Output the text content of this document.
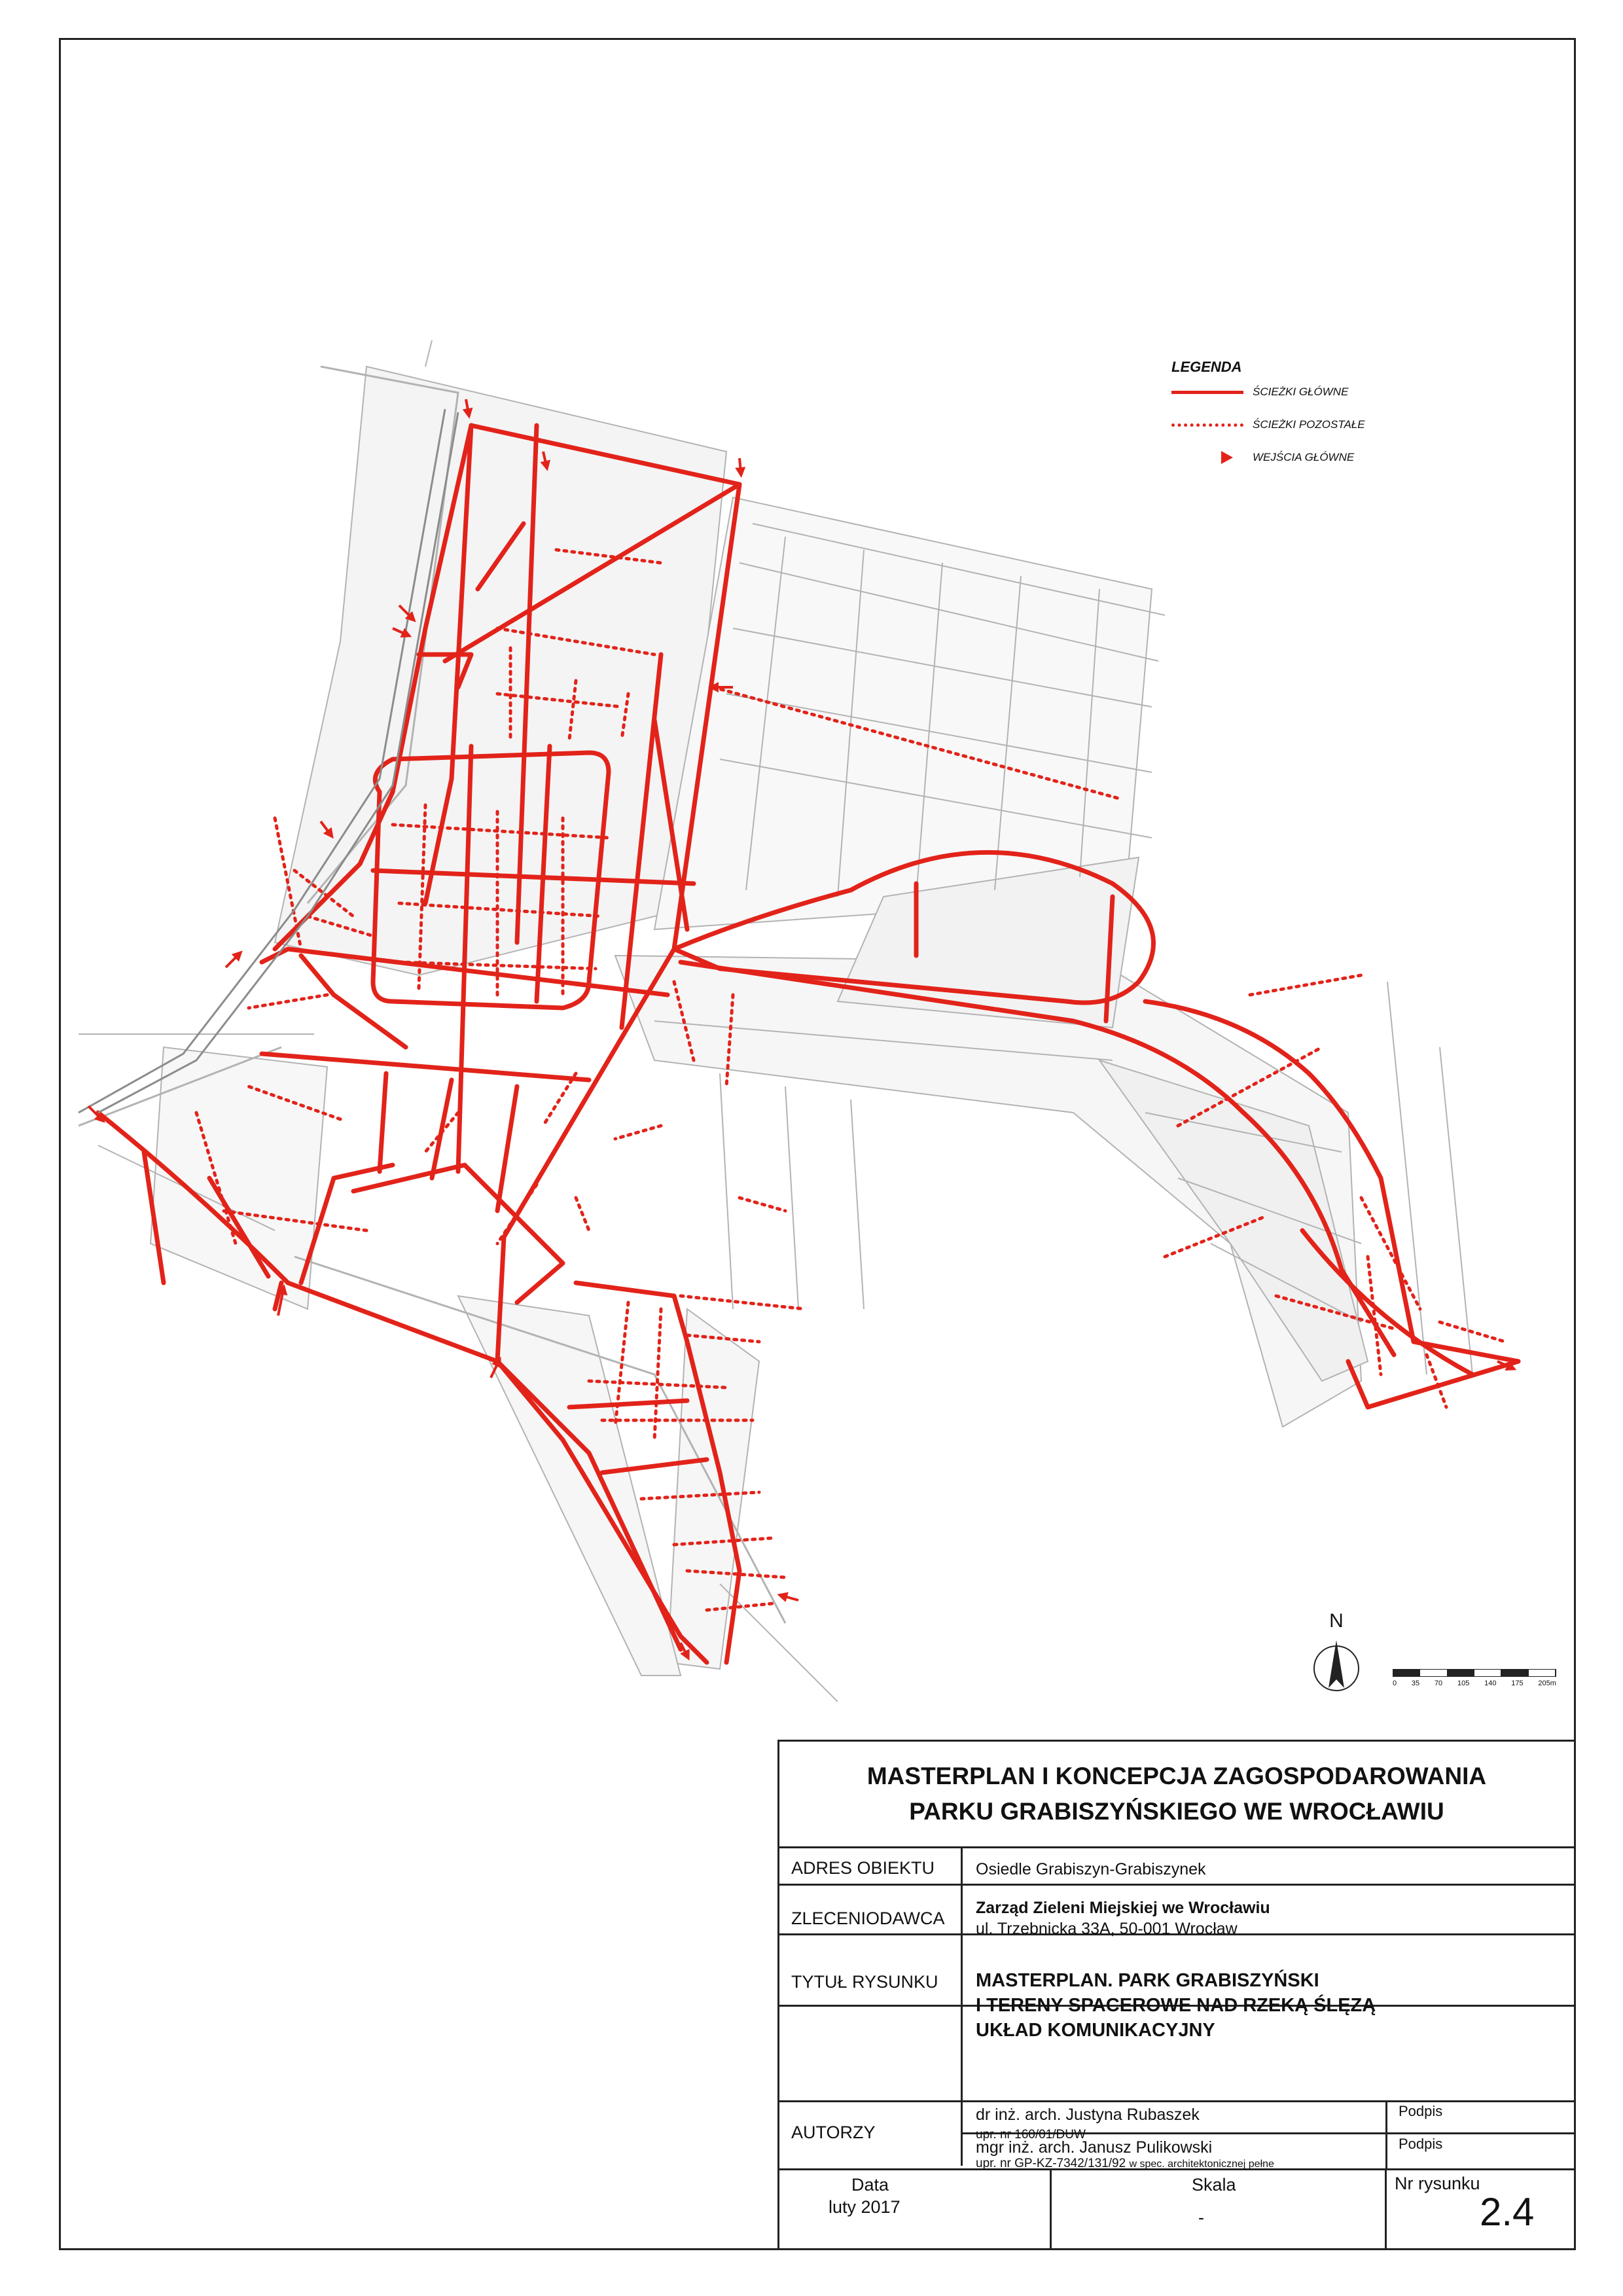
LEGENDA
ŚCIEŻKI GŁÓWNE
ŚCIEŻKI POZOSTAŁE
WEJŚCIA GŁÓWNE
N
0 35 70 105 140 175 205m
MASTERPLAN I KONCEPCJA ZAGOSPODAROWANIA
PARKU GRABISZYŃSKIEGO WE WROCŁAWIU
ADRES OBIEKTU	Osiedle Grabiszyn-Grabiszynek
ZLECENIODAWCA
Zarząd Zieleni Miejskiej we Wrocławiu
ul. Trzebnicka 33A, 50-001 Wrocław
TYTUŁ RYSUNKU MASTERPLAN. PARK GRABISZYŃSKI
I TERENY SPACEROWE NAD RZEKĄ ŚLĘZĄ
UKŁAD KOMUNIKACYJNY
AUTORZY
dr inż. arch. Justyna Rubaszek
upr. nr 160/01/DUW
Podpis
mgr inż. arch. Janusz Pulikowski
upr. nr GP-KZ-7342/131/92 w spec. architektonicznej pełne
Podpis
Data
luty 2017
Skala
-
Nr rysunku
2.4
